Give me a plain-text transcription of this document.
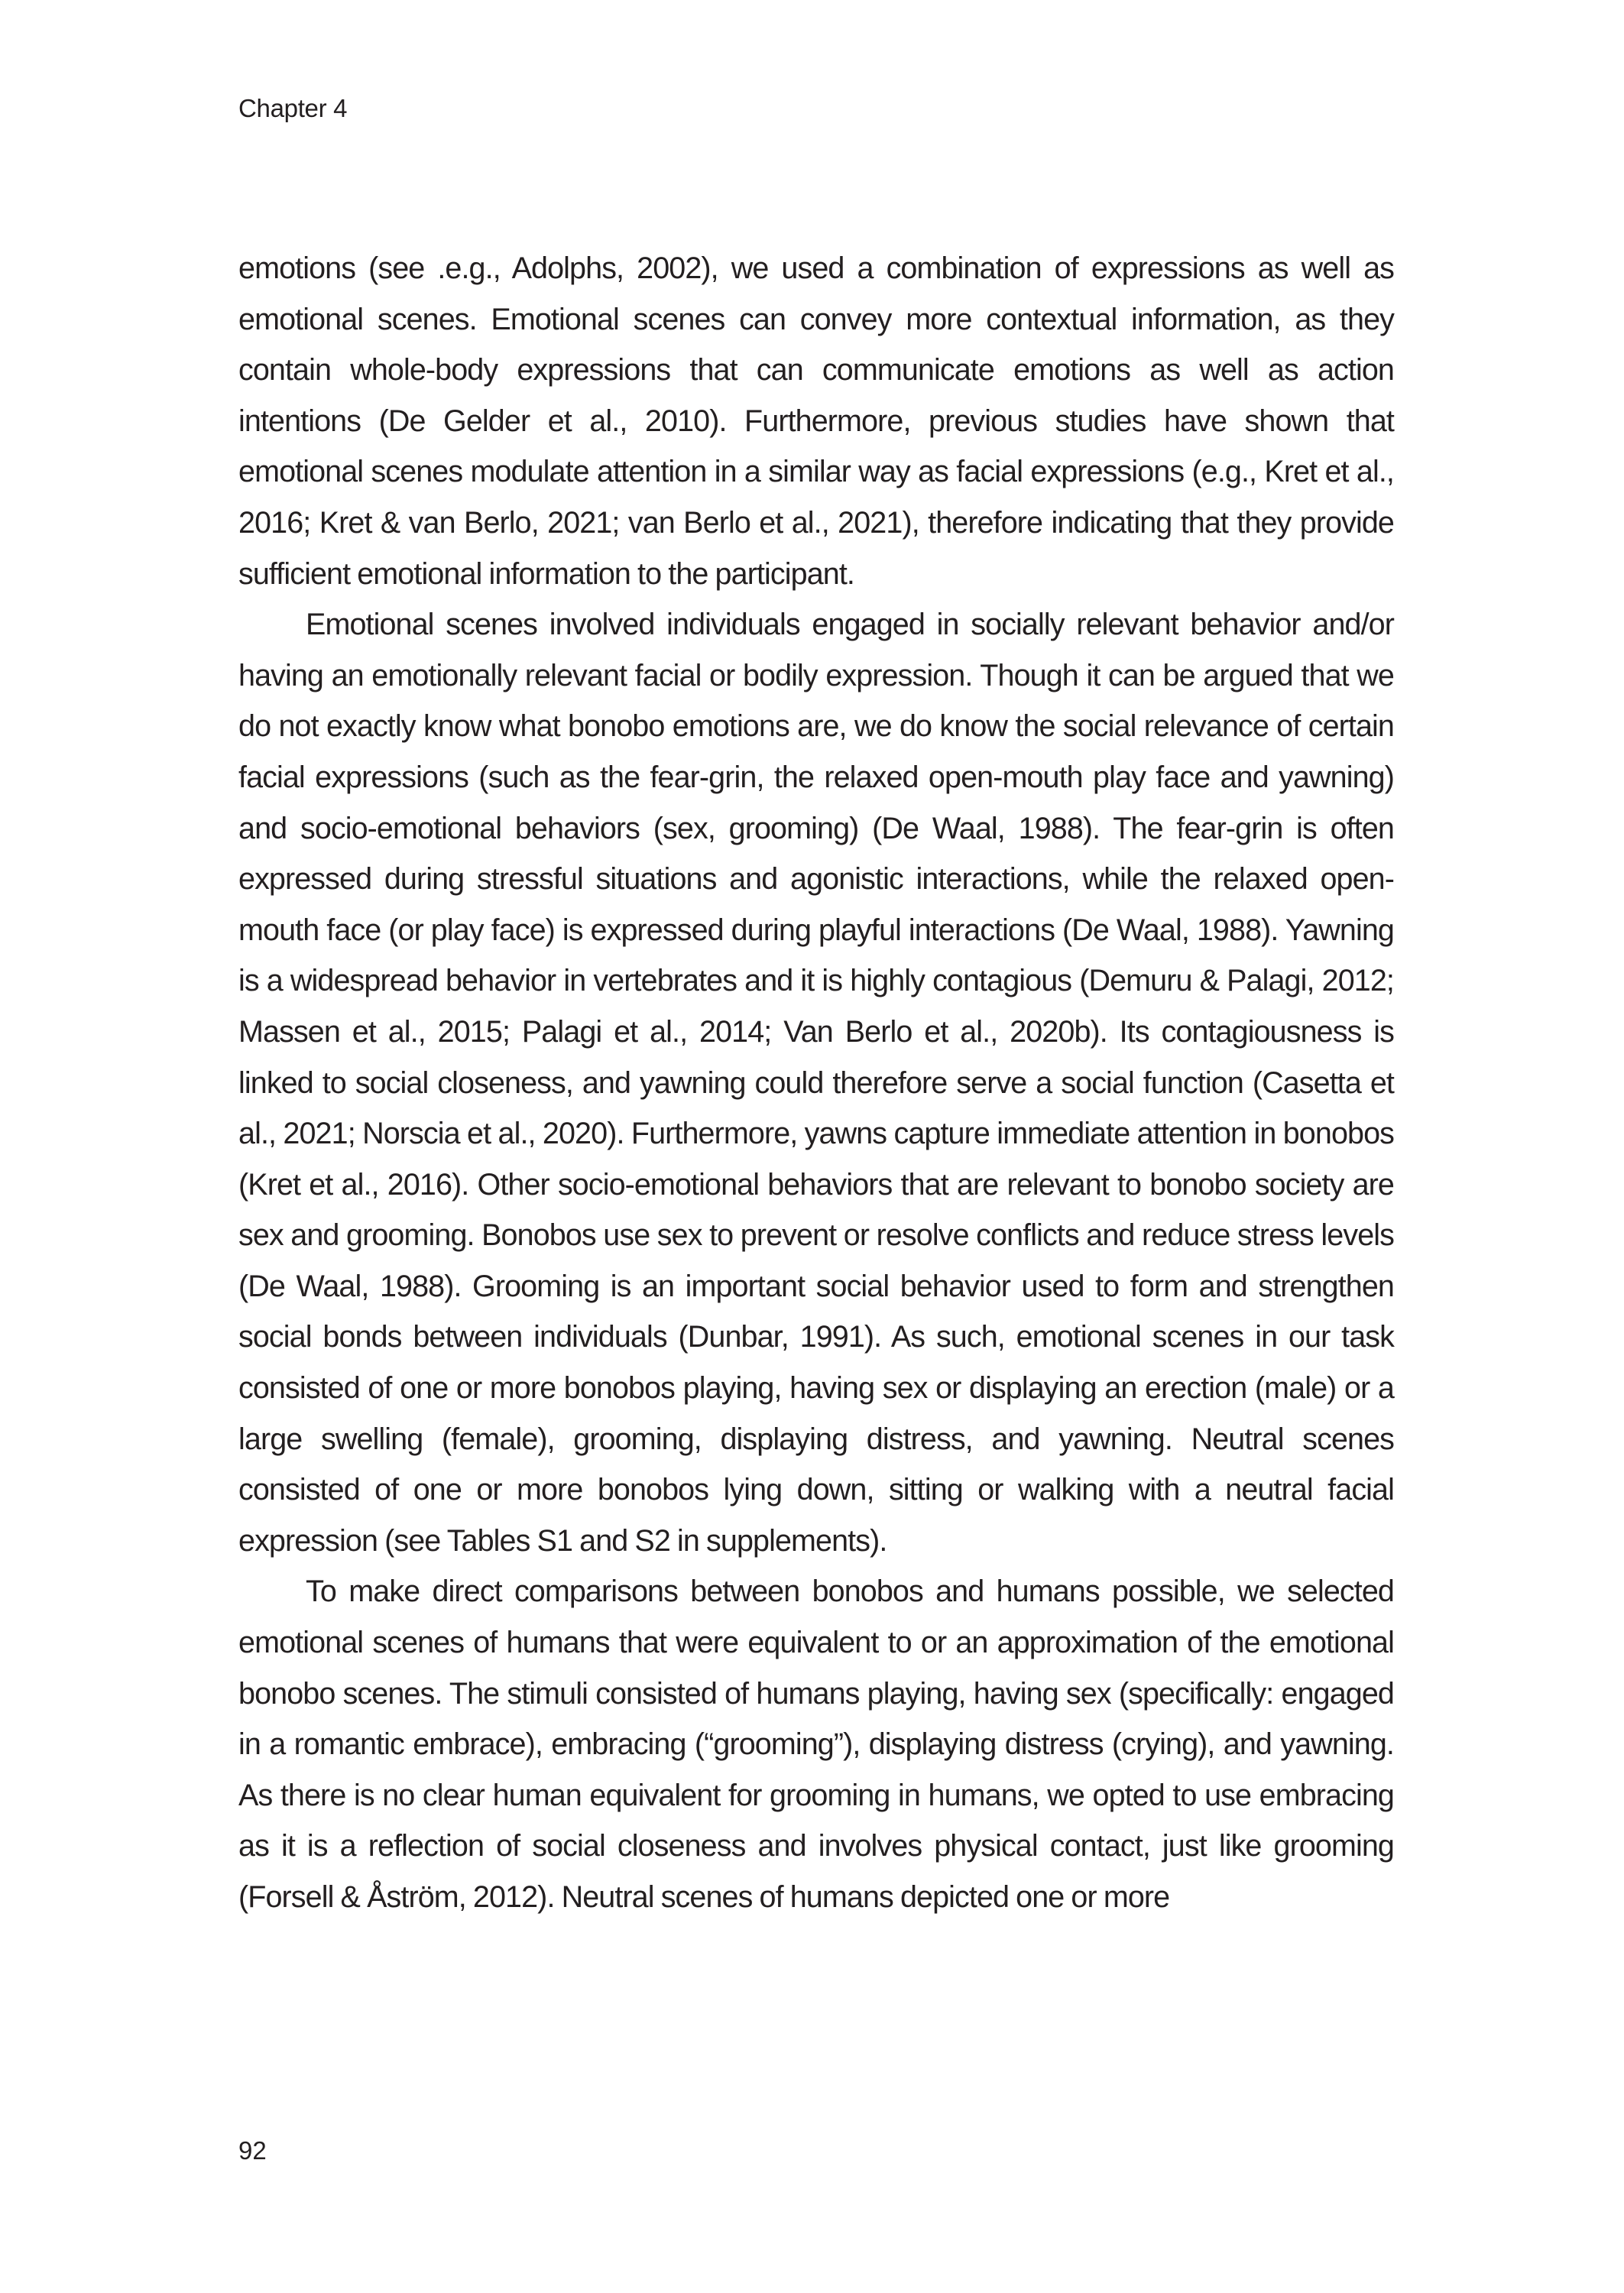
Chapter 4

emotions (see .e.g., Adolphs, 2002), we used a combination of expressions as well as emotional scenes. Emotional scenes can convey more contextual information, as they contain whole-body expressions that can communicate emotions as well as action intentions (De Gelder et al., 2010). Furthermore, previous studies have shown that emotional scenes modulate attention in a similar way as facial expressions (e.g., Kret et al., 2016; Kret & van Berlo, 2021; van Berlo et al., 2021), therefore indicating that they provide sufficient emotional information to the participant.

Emotional scenes involved individuals engaged in socially relevant behavior and/or having an emotionally relevant facial or bodily expression. Though it can be argued that we do not exactly know what bonobo emotions are, we do know the social relevance of certain facial expressions (such as the fear-grin, the relaxed open-mouth play face and yawning) and socio-emotional behaviors (sex, grooming) (De Waal, 1988). The fear-grin is often expressed during stressful situations and agonistic interactions, while the relaxed open-mouth face (or play face) is expressed during playful interactions (De Waal, 1988). Yawning is a widespread behavior in vertebrates and it is highly contagious (Demuru & Palagi, 2012; Massen et al., 2015; Palagi et al., 2014; Van Berlo et al., 2020b). Its contagiousness is linked to social closeness, and yawning could therefore serve a social function (Casetta et al., 2021; Norscia et al., 2020). Furthermore, yawns capture immediate attention in bonobos (Kret et al., 2016). Other socio-emotional behaviors that are relevant to bonobo society are sex and grooming. Bonobos use sex to prevent or resolve conflicts and reduce stress levels (De Waal, 1988). Grooming is an important social behavior used to form and strengthen social bonds between individuals (Dunbar, 1991). As such, emotional scenes in our task consisted of one or more bonobos playing, having sex or displaying an erection (male) or a large swelling (female), grooming, displaying distress, and yawning. Neutral scenes consisted of one or more bonobos lying down, sitting or walking with a neutral facial expression (see Tables S1 and S2 in supplements).

To make direct comparisons between bonobos and humans possible, we selected emotional scenes of humans that were equivalent to or an approximation of the emotional bonobo scenes. The stimuli consisted of humans playing, having sex (specifically: engaged in a romantic embrace), embracing (“grooming”), displaying distress (crying), and yawning. As there is no clear human equivalent for grooming in humans, we opted to use embracing as it is a reflection of social closeness and involves physical contact, just like grooming (Forsell & Åström, 2012). Neutral scenes of humans depicted one or more

92
